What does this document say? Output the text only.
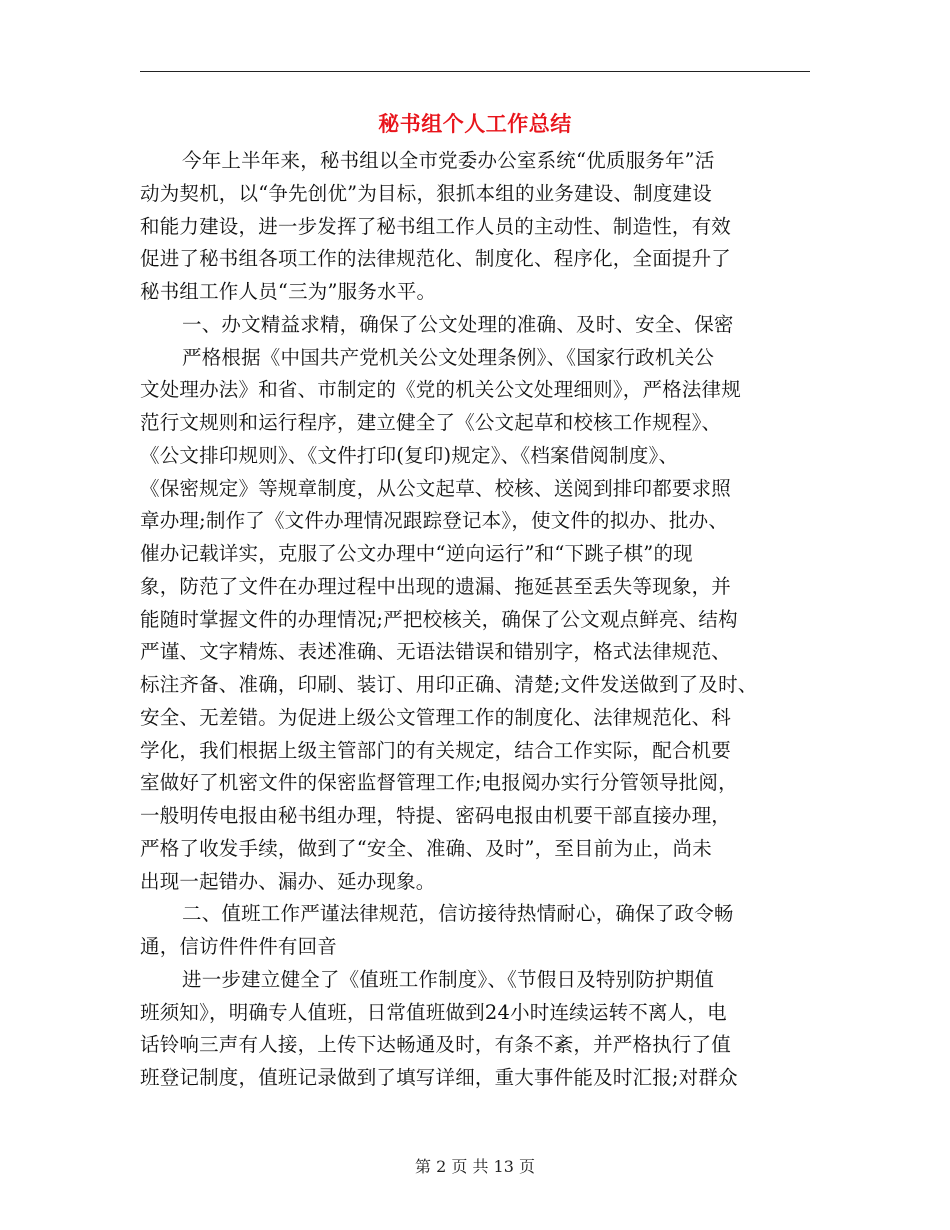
秘书组个人工作总结
今年上半年来，秘书组以全市党委办公室系统“优质服务年”活
动为契机，以“争先创优”为目标，狠抓本组的业务建设、制度建设
和能力建设，进一步发挥了秘书组工作人员的主动性、制造性，有效
促进了秘书组各项工作的法律规范化、制度化、程序化，全面提升了
秘书组工作人员“三为”服务水平。
一、办文精益求精，确保了公文处理的准确、及时、安全、保密
严格根据《中国共产党机关公文处理条例》、《国家行政机关公
文处理办法》和省、市制定的《党的机关公文处理细则》，严格法律规
范行文规则和运行程序，建立健全了《公文起草和校核工作规程》、
《公文排印规则》、《文件打印(复印)规定》、《档案借阅制度》、
《保密规定》等规章制度，从公文起草、校核、送阅到排印都要求照
章办理;制作了《文件办理情况跟踪登记本》，使文件的拟办、批办、
催办记载详实，克服了公文办理中“逆向运行”和“下跳子棋”的现
象，防范了文件在办理过程中出现的遗漏、拖延甚至丢失等现象，并
能随时掌握文件的办理情况;严把校核关，确保了公文观点鲜亮、结构
严谨、文字精炼、表述准确、无语法错误和错别字，格式法律规范、
标注齐备、准确，印刷、装订、用印正确、清楚;文件发送做到了及时、
安全、无差错。为促进上级公文管理工作的制度化、法律规范化、科
学化，我们根据上级主管部门的有关规定，结合工作实际，配合机要
室做好了机密文件的保密监督管理工作;电报阅办实行分管领导批阅，
一般明传电报由秘书组办理，特提、密码电报由机要干部直接办理，
严格了收发手续，做到了“安全、准确、及时”，至目前为止，尚未
出现一起错办、漏办、延办现象。
二、值班工作严谨法律规范，信访接待热情耐心，确保了政令畅
通，信访件件件有回音
进一步建立健全了《值班工作制度》、《节假日及特别防护期值
班须知》，明确专人值班，日常值班做到24小时连续运转不离人，电
话铃响三声有人接，上传下达畅通及时，有条不紊，并严格执行了值
班登记制度，值班记录做到了填写详细，重大事件能及时汇报;对群众
第 2 页 共 13 页
